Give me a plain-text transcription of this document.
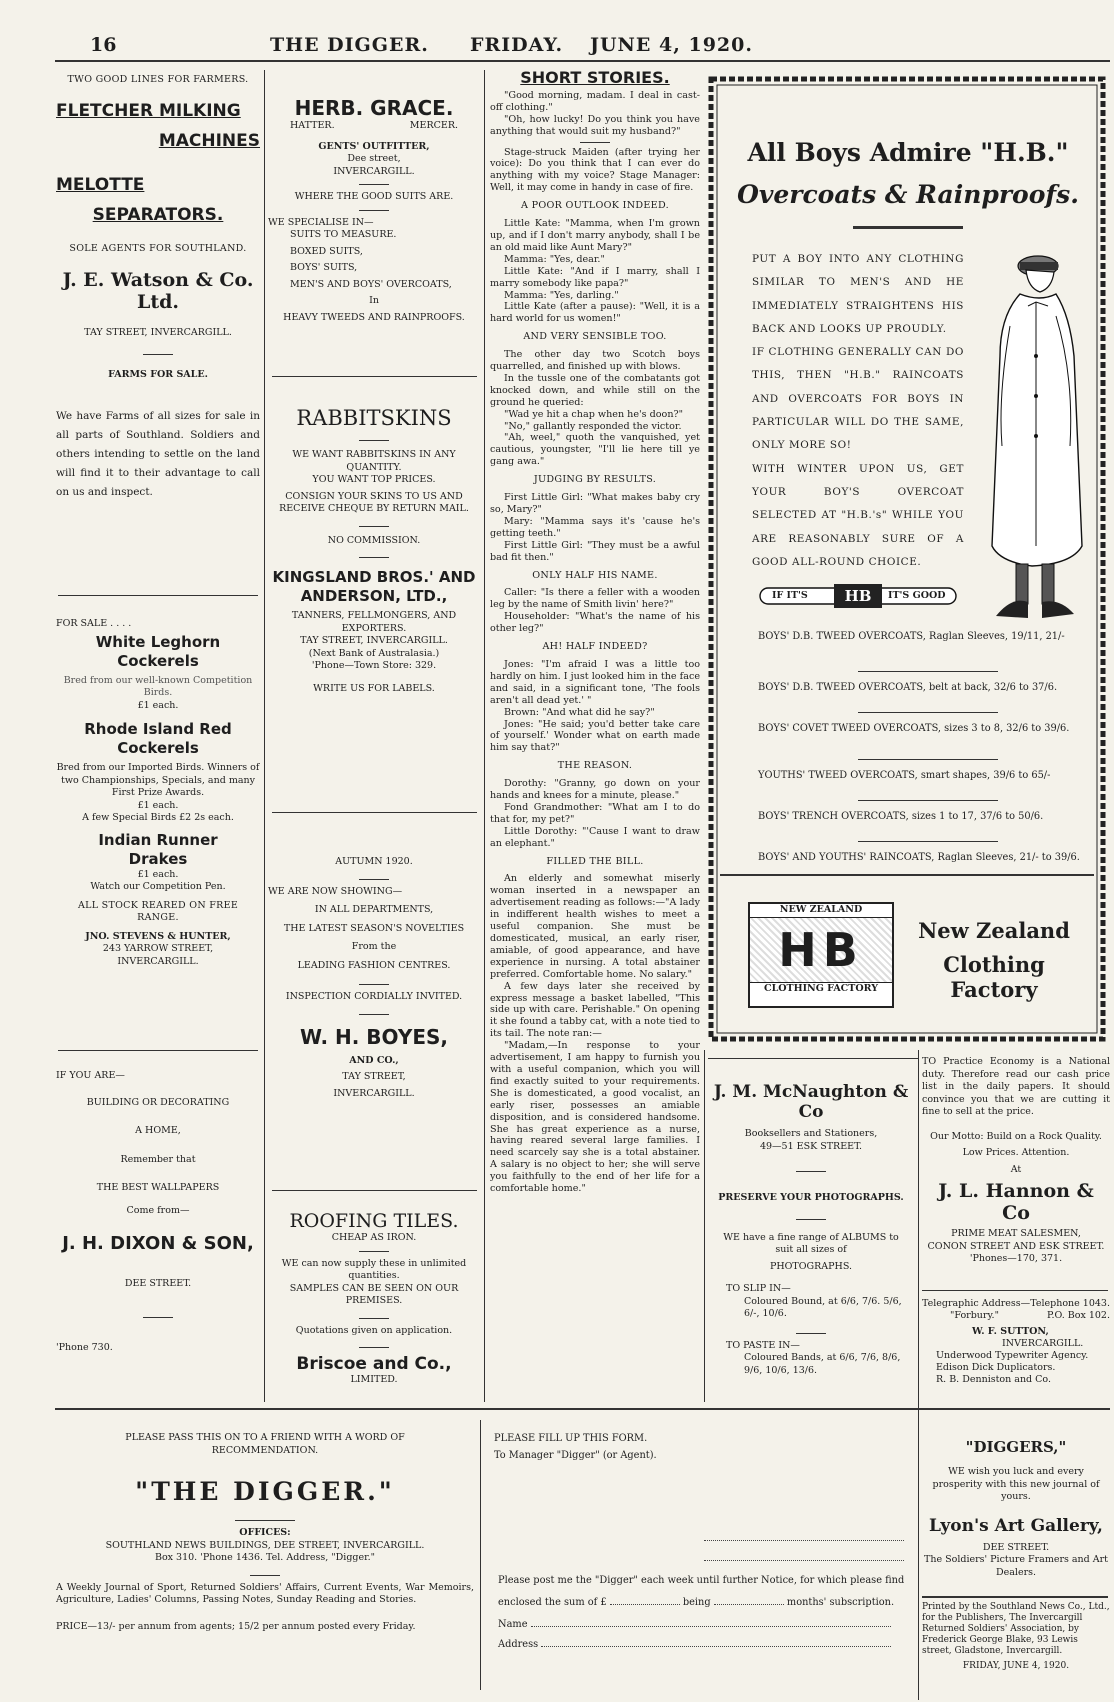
16	THE DIGGER. FRIDAY. JUNE 4, 1920.
TWO GOOD LINES FOR FARMERS.
FLETCHER MILKING
MACHINES
MELOTTE
SEPARATORS.
SOLE AGENTS FOR SOUTHLAND.
J. E. Watson & Co. Ltd.
TAY STREET, INVERCARGILL.
FARMS FOR SALE.
We have Farms of all sizes for sale in all parts of Southland. Soldiers and others intending to settle on the land will find it to their advantage to call on us and inspect.
FOR SALE . . . .
White Leghorn Cockerels
Bred from our well-known Competition Birds.
£1 each.
Rhode Island Red Cockerels
Bred from our Imported Birds. Winners of two Championships, Specials, and many First Prize Awards.
£1 each.
A few Special Birds £2 2s each.
Indian Runner Drakes
£1 each.
Watch our Competition Pen.
ALL STOCK REARED ON FREE RANGE.
JNO. STEVENS & HUNTER,
243 YARROW STREET,
INVERCARGILL.
IF YOU ARE—
BUILDING OR DECORATING
A HOME,
Remember that
THE BEST WALLPAPERS
Come from—
J. H. DIXON & SON,
DEE STREET.
'Phone 730.
HERB. GRACE.
HATTER.	MERCER.
GENTS' OUTFITTER,
Dee street,
INVERCARGILL.
WHERE THE GOOD SUITS ARE.
WE SPECIALISE IN—
SUITS TO MEASURE.
BOXED SUITS,
BOYS' SUITS,
MEN'S AND BOYS' OVERCOATS,
In
HEAVY TWEEDS AND RAINPROOFS.
RABBITSKINS
WE WANT RABBITSKINS IN ANY QUANTITY.
YOU WANT TOP PRICES.
CONSIGN YOUR SKINS TO US AND RECEIVE CHEQUE BY RETURN MAIL.
NO COMMISSION.
KINGSLAND BROS.' AND ANDERSON, LTD.,
TANNERS, FELLMONGERS, AND EXPORTERS.
TAY STREET, INVERCARGILL.
(Next Bank of Australasia.)
'Phone—Town Store: 329.
WRITE US FOR LABELS.
AUTUMN 1920.
WE ARE NOW SHOWING—
IN ALL DEPARTMENTS,
THE LATEST SEASON'S NOVELTIES
From the
LEADING FASHION CENTRES.
INSPECTION CORDIALLY INVITED.
W. H. BOYES,
AND CO.,
TAY STREET,
INVERCARGILL.
ROOFING TILES.
CHEAP AS IRON.
WE can now supply these in unlimited quantities.
SAMPLES CAN BE SEEN ON OUR PREMISES.
Quotations given on application.
Briscoe and Co.,
LIMITED.
SHORT STORIES.

"Good morning, madam. I deal in cast-off clothing."

"Oh, how lucky! Do you think you have anything that would suit my husband?"

Stage-struck Maiden (after trying her voice): Do you think that I can ever do anything with my voice? Stage Manager: Well, it may come in handy in case of fire.

A POOR OUTLOOK INDEED.

Little Kate: "Mamma, when I'm grown up, and if I don't marry anybody, shall I be an old maid like Aunt Mary?"

Mamma: "Yes, dear."

Little Kate: "And if I marry, shall I marry somebody like papa?"

Mamma: "Yes, darling."

Little Kate (after a pause): "Well, it is a hard world for us women!"

AND VERY SENSIBLE TOO.

The other day two Scotch boys quarrelled, and finished up with blows.

In the tussle one of the combatants got knocked down, and while still on the ground he queried:

"Wad ye hit a chap when he's doon?"

"No," gallantly responded the victor.

"Ah, weel," quoth the vanquished, yet cautious, youngster, "I'll lie here till ye gang awa."

JUDGING BY RESULTS.

First Little Girl: "What makes baby cry so, Mary?"

Mary: "Mamma says it's 'cause he's getting teeth."

First Little Girl: "They must be a awful bad fit then."

ONLY HALF HIS NAME.

Caller: "Is there a feller with a wooden leg by the name of Smith livin' here?"

Householder: "What's the name of his other leg?"

AH! HALF INDEED?

Jones: "I'm afraid I was a little too hardly on him. I just looked him in the face and said, in a significant tone, 'The fools aren't all dead yet.' "

Brown: "And what did he say?"

Jones: "He said; you'd better take care of yourself.' Wonder what on earth made him say that?"

THE REASON.

Dorothy: "Granny, go down on your hands and knees for a minute, please."

Fond Grandmother: "What am I to do that for, my pet?"

Little Dorothy: "'Cause I want to draw an elephant."

FILLED THE BILL.

An elderly and somewhat miserly woman inserted in a newspaper an advertisement reading as follows:—"A lady in indifferent health wishes to meet a useful companion. She must be domesticated, musical, an early riser, amiable, of good appearance, and have experience in nursing. A total abstainer preferred. Comfortable home. No salary."

A few days later she received by express message a basket labelled, "This side up with care. Perishable." On opening it she found a tabby cat, with a note tied to its tail. The note ran:—

"Madam,—In response to your advertisement, I am happy to furnish you with a useful companion, which you will find exactly suited to your requirements. She is domesticated, a good vocalist, an early riser, possesses an amiable disposition, and is considered handsome. She has great experience as a nurse, having reared several large families. I need scarcely say she is a total abstainer. A salary is no object to her; she will serve you faithfully to the end of her life for a comfortable home."

All Boys Admire "H.B."
Overcoats & Rainproofs.

PUT A BOY INTO ANY CLOTHING SIMILAR TO MEN'S AND HE IMMEDIATELY STRAIGHTENS HIS BACK AND LOOKS UP PROUDLY.

IF CLOTHING GENERALLY CAN DO THIS, THEN "H.B." RAINCOATS AND OVERCOATS FOR BOYS IN PARTICULAR WILL DO THE SAME, ONLY MORE SO!

WITH WINTER UPON US, GET YOUR BOY'S OVERCOAT SELECTED AT "H.B.'s" WHILE YOU ARE REASONABLY SURE OF A GOOD ALL-ROUND CHOICE.

IF IT'S	HB	IT'S GOOD
BOYS' D.B. TWEED OVERCOATS, Raglan Sleeves, 19/11, 21/-
BOYS' D.B. TWEED OVERCOATS, belt at back, 32/6 to 37/6.
BOYS' COVET TWEED OVERCOATS, sizes 3 to 8, 32/6 to 39/6.
YOUTHS' TWEED OVERCOATS, smart shapes, 39/6 to 65/-
BOYS' TRENCH OVERCOATS, sizes 1 to 17, 37/6 to 50/6.
BOYS' AND YOUTHS' RAINCOATS, Raglan Sleeves, 21/- to 39/6.
NEW ZEALAND
HB
CLOTHING FACTORY
New Zealand
Clothing Factory
J. M. McNaughton & Co
Booksellers and Stationers,
49—51 ESK STREET.
PRESERVE YOUR PHOTOGRAPHS.
WE have a fine range of ALBUMS to suit all sizes of
PHOTOGRAPHS.
TO SLIP IN—
Coloured Bound, at 6/6, 7/6. 5/6, 6/-, 10/6.
TO PASTE IN—
Coloured Bands, at 6/6, 7/6, 8/6, 9/6, 10/6, 13/6.
TO Practice Economy is a National duty. Therefore read our cash price list in the daily papers. It should convince you that we are cutting it fine to sell at the price.
Our Motto: Build on a Rock Quality.
Low Prices. Attention.
At
J. L. Hannon & Co
PRIME MEAT SALESMEN,
CONON STREET AND ESK STREET.
'Phones—170, 371.
Telegraphic Address— Telephone 1043.
"Forbury."	P.O. Box 102.
W. F. SUTTON,
INVERCARGILL.
Underwood Typewriter Agency.
Edison Dick Duplicators.
R. B. Denniston and Co.
PLEASE PASS THIS ON TO A FRIEND WITH A WORD OF RECOMMENDATION.
"THE DIGGER."
OFFICES:
SOUTHLAND NEWS BUILDINGS, DEE STREET, INVERCARGILL.
Box 310. 'Phone 1436. Tel. Address, "Digger."
A Weekly Journal of Sport, Returned Soldiers' Affairs, Current Events, War Memoirs, Agriculture, Ladies' Columns, Passing Notes, Sunday Reading and Stories.
PRICE—13/- per annum from agents; 15/2 per annum posted every Friday.
PLEASE FILL UP THIS FORM.
To Manager "Digger" (or Agent).
Please post me the "Digger" each week until further Notice, for which please find
enclosed the sum of £	being	months' subscription.
Name
Address
"DIGGERS,"
WE wish you luck and every prosperity with this new journal of yours.
Lyon's Art Gallery,
DEE STREET.
The Soldiers' Picture Framers and Art Dealers.
Printed by the Southland News Co., Ltd., for the Publishers, The Invercargill Returned Soldiers' Association, by Frederick George Blake, 93 Lewis street, Gladstone, Invercargill.
FRIDAY, JUNE 4, 1920.
